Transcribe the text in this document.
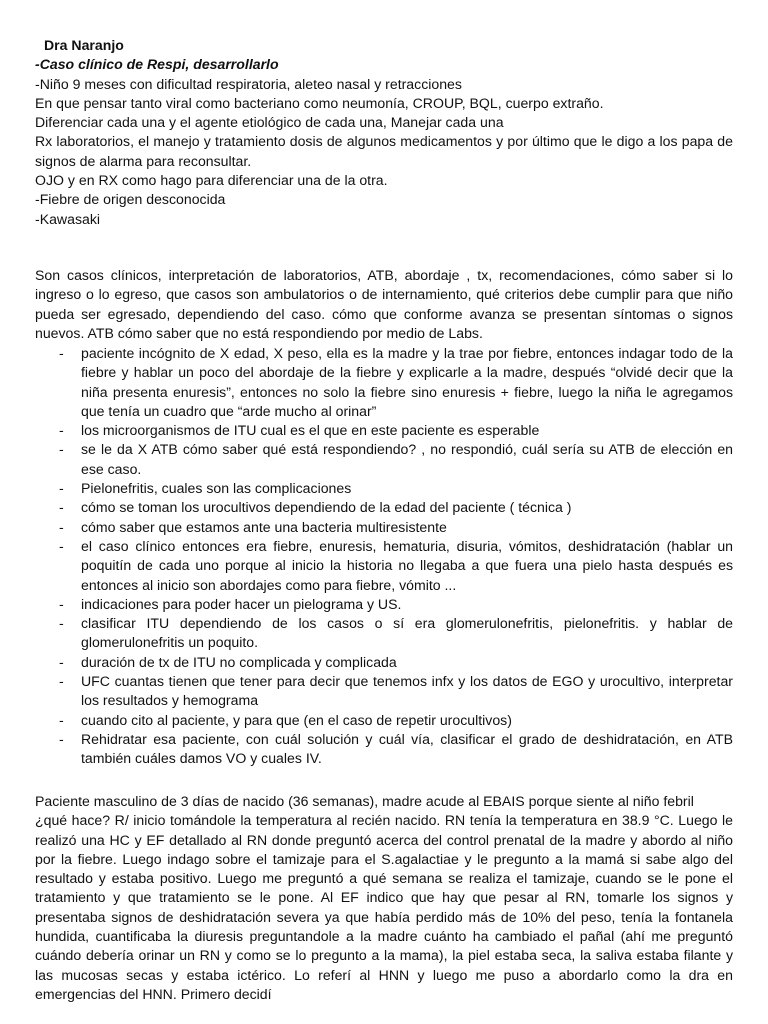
Dra Naranjo
-Caso clínico de Respi, desarrollarlo
-Niño 9 meses con dificultad respiratoria, aleteo nasal y retracciones
En que pensar tanto viral como bacteriano como neumonía, CROUP, BQL, cuerpo extraño.
Diferenciar cada una y el agente etiológico de cada una, Manejar cada una
Rx laboratorios, el manejo y tratamiento dosis de algunos medicamentos y por último que le digo a los papa de signos de alarma para reconsultar.
OJO y en RX como hago para diferenciar una de la otra.
-Fiebre de origen desconocida
-Kawasaki
Son casos clínicos, interpretación de laboratorios, ATB, abordaje , tx, recomendaciones, cómo saber si lo ingreso o lo egreso, que casos son ambulatorios o de internamiento, qué criterios debe cumplir para que niño pueda ser egresado, dependiendo del caso. cómo que conforme avanza se presentan síntomas o signos nuevos. ATB cómo saber que no está respondiendo por medio de Labs.
- paciente incógnito de X edad, X peso, ella es la madre y la trae por fiebre, entonces indagar todo de la fiebre y hablar un poco del abordaje de la fiebre y explicarle a la madre, después “olvidé decir que la niña presenta enuresis”, entonces no solo la fiebre sino enuresis + fiebre, luego la niña le agregamos que tenía un cuadro que “arde mucho al orinar”
- los microorganismos de ITU cual es el que en este paciente es esperable
- se le da X ATB cómo saber qué está respondiendo? , no respondió, cuál sería su ATB de elección en ese caso.
- Pielonefritis, cuales son las complicaciones
- cómo se toman los urocultivos dependiendo de la edad del paciente ( técnica )
- cómo saber que estamos ante una bacteria multiresistente
- el caso clínico entonces era fiebre, enuresis, hematuria, disuria, vómitos, deshidratación (hablar un poquitín de cada uno porque al inicio la historia no llegaba a que fuera una pielo hasta después es entonces al inicio son abordajes como para fiebre, vómito ...
- indicaciones para poder hacer un pielograma y US.
- clasificar ITU dependiendo de los casos o sí era glomerulonefritis, pielonefritis. y hablar de glomerulonefritis un poquito.
- duración de tx de ITU no complicada y complicada
- UFC cuantas tienen que tener para decir que tenemos infx y los datos de EGO y urocultivo, interpretar los resultados y hemograma
- cuando cito al paciente, y para que (en el caso de repetir urocultivos)
- Rehidratar esa paciente, con cuál solución y cuál vía, clasificar el grado de deshidratación, en ATB también cuáles damos VO y cuales IV.
Paciente masculino de 3 días de nacido (36 semanas), madre acude al EBAIS porque siente al niño febril
¿qué hace? R/ inicio tomándole la temperatura al recién nacido. RN tenía la temperatura en 38.9 °C. Luego le realizó una HC y EF detallado al RN donde preguntó acerca del control prenatal de la madre y abordo al niño por la fiebre. Luego indago sobre el tamizaje para el S.agalactiae y le pregunto a la mamá si sabe algo del resultado y estaba positivo. Luego me preguntó a qué semana se realiza el tamizaje, cuando se le pone el tratamiento y que tratamiento se le pone. Al EF indico que hay que pesar al RN, tomarle los signos y presentaba signos de deshidratación severa ya que había perdido más de 10% del peso, tenía la fontanela hundida, cuantificaba la diuresis preguntandole a la madre cuánto ha cambiado el pañal (ahí me preguntó cuándo debería orinar un RN y como se lo pregunto a la mama), la piel estaba seca, la saliva estaba filante y las mucosas secas y estaba ictérico. Lo referí al HNN y luego me puso a abordarlo como la dra en emergencias del HNN. Primero decidí
